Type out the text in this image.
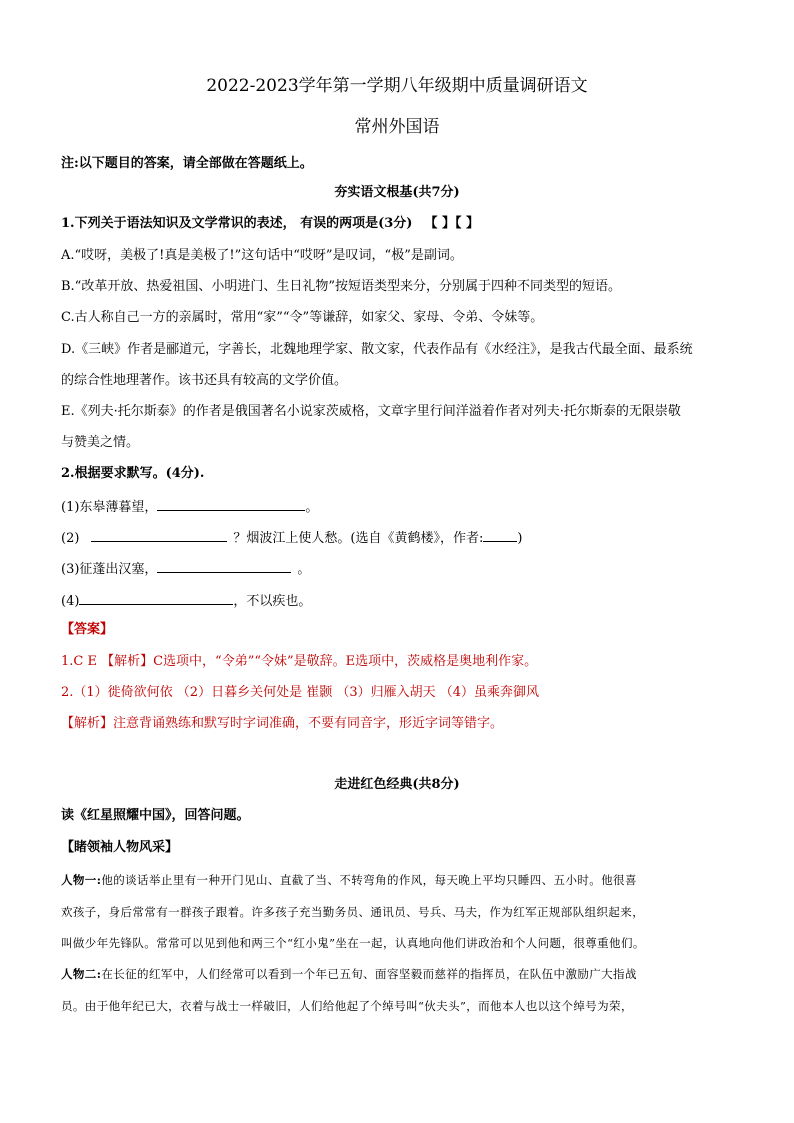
2022-2023学年第一学期八年级期中质量调研语文
常州外国语
注:以下题目的答案，请全部做在答题纸上。
夯实语文根基(共7分)
1.下列关于语法知识及文学常识的表述， 有误的两项是(3分) 【 】【 】
A.“哎呀，美极了!真是美极了!”这句话中“哎呀”是叹词，“极”是副词。
B.“改革开放、热爱祖国、小明进门、生日礼物”按短语类型来分，分别属于四种不同类型的短语。
C.古人称自己一方的亲属时，常用“家”“令”等谦辞，如家父、家母、令弟、令妹等。
D.《三峡》作者是郦道元，字善长，北魏地理学家、散文家，代表作品有《水经注》，是我古代最全面、最系统
的综合性地理著作。该书还具有较高的文学价值。
E.《列夫·托尔斯泰》的作者是俄国著名小说家茨威格，文章字里行间洋溢着作者对列夫·托尔斯泰的无限崇敬
与赞美之情。
2.根据要求默写。(4分).
(1)东皋薄暮望，	。
(2)	？烟波江上使人愁。(选自《黄鹤楼》，作者:	)
(3)征蓬出汉塞，	。
(4)	，不以疾也。
【答案】
1.C E 【解析】C选项中，“令弟”“令妹”是敬辞。E选项中，茨威格是奥地利作家。
2.（1）徙倚欲何依 （2）日暮乡关何处是 崔颢 （3）归雁入胡天 （4）虽乘奔御风
【解析】注意背诵熟练和默写时字词准确，不要有同音字，形近字词等错字。
走进红色经典(共8分)
读《红星照耀中国》，回答问题。
【睹领袖人物风采】
人物一:他的谈话举止里有一种开门见山、直截了当、不转弯角的作风，每天晚上平均只睡四、五小时。他很喜
欢孩子，身后常常有一群孩子跟着。许多孩子充当勤务员、通讯员、号兵、马夫，作为红军正规部队组织起来，
叫做少年先锋队。常常可以见到他和两三个“红小鬼”坐在一起，认真地向他们讲政治和个人问题，很尊重他们。
人物二:在长征的红军中，人们经常可以看到一个年已五旬、面容坚毅而慈祥的指挥员，在队伍中激励广大指战
员。由于他年纪已大，衣着与战士一样破旧，人们给他起了个绰号叫“伙夫头”，而他本人也以这个绰号为荣，
